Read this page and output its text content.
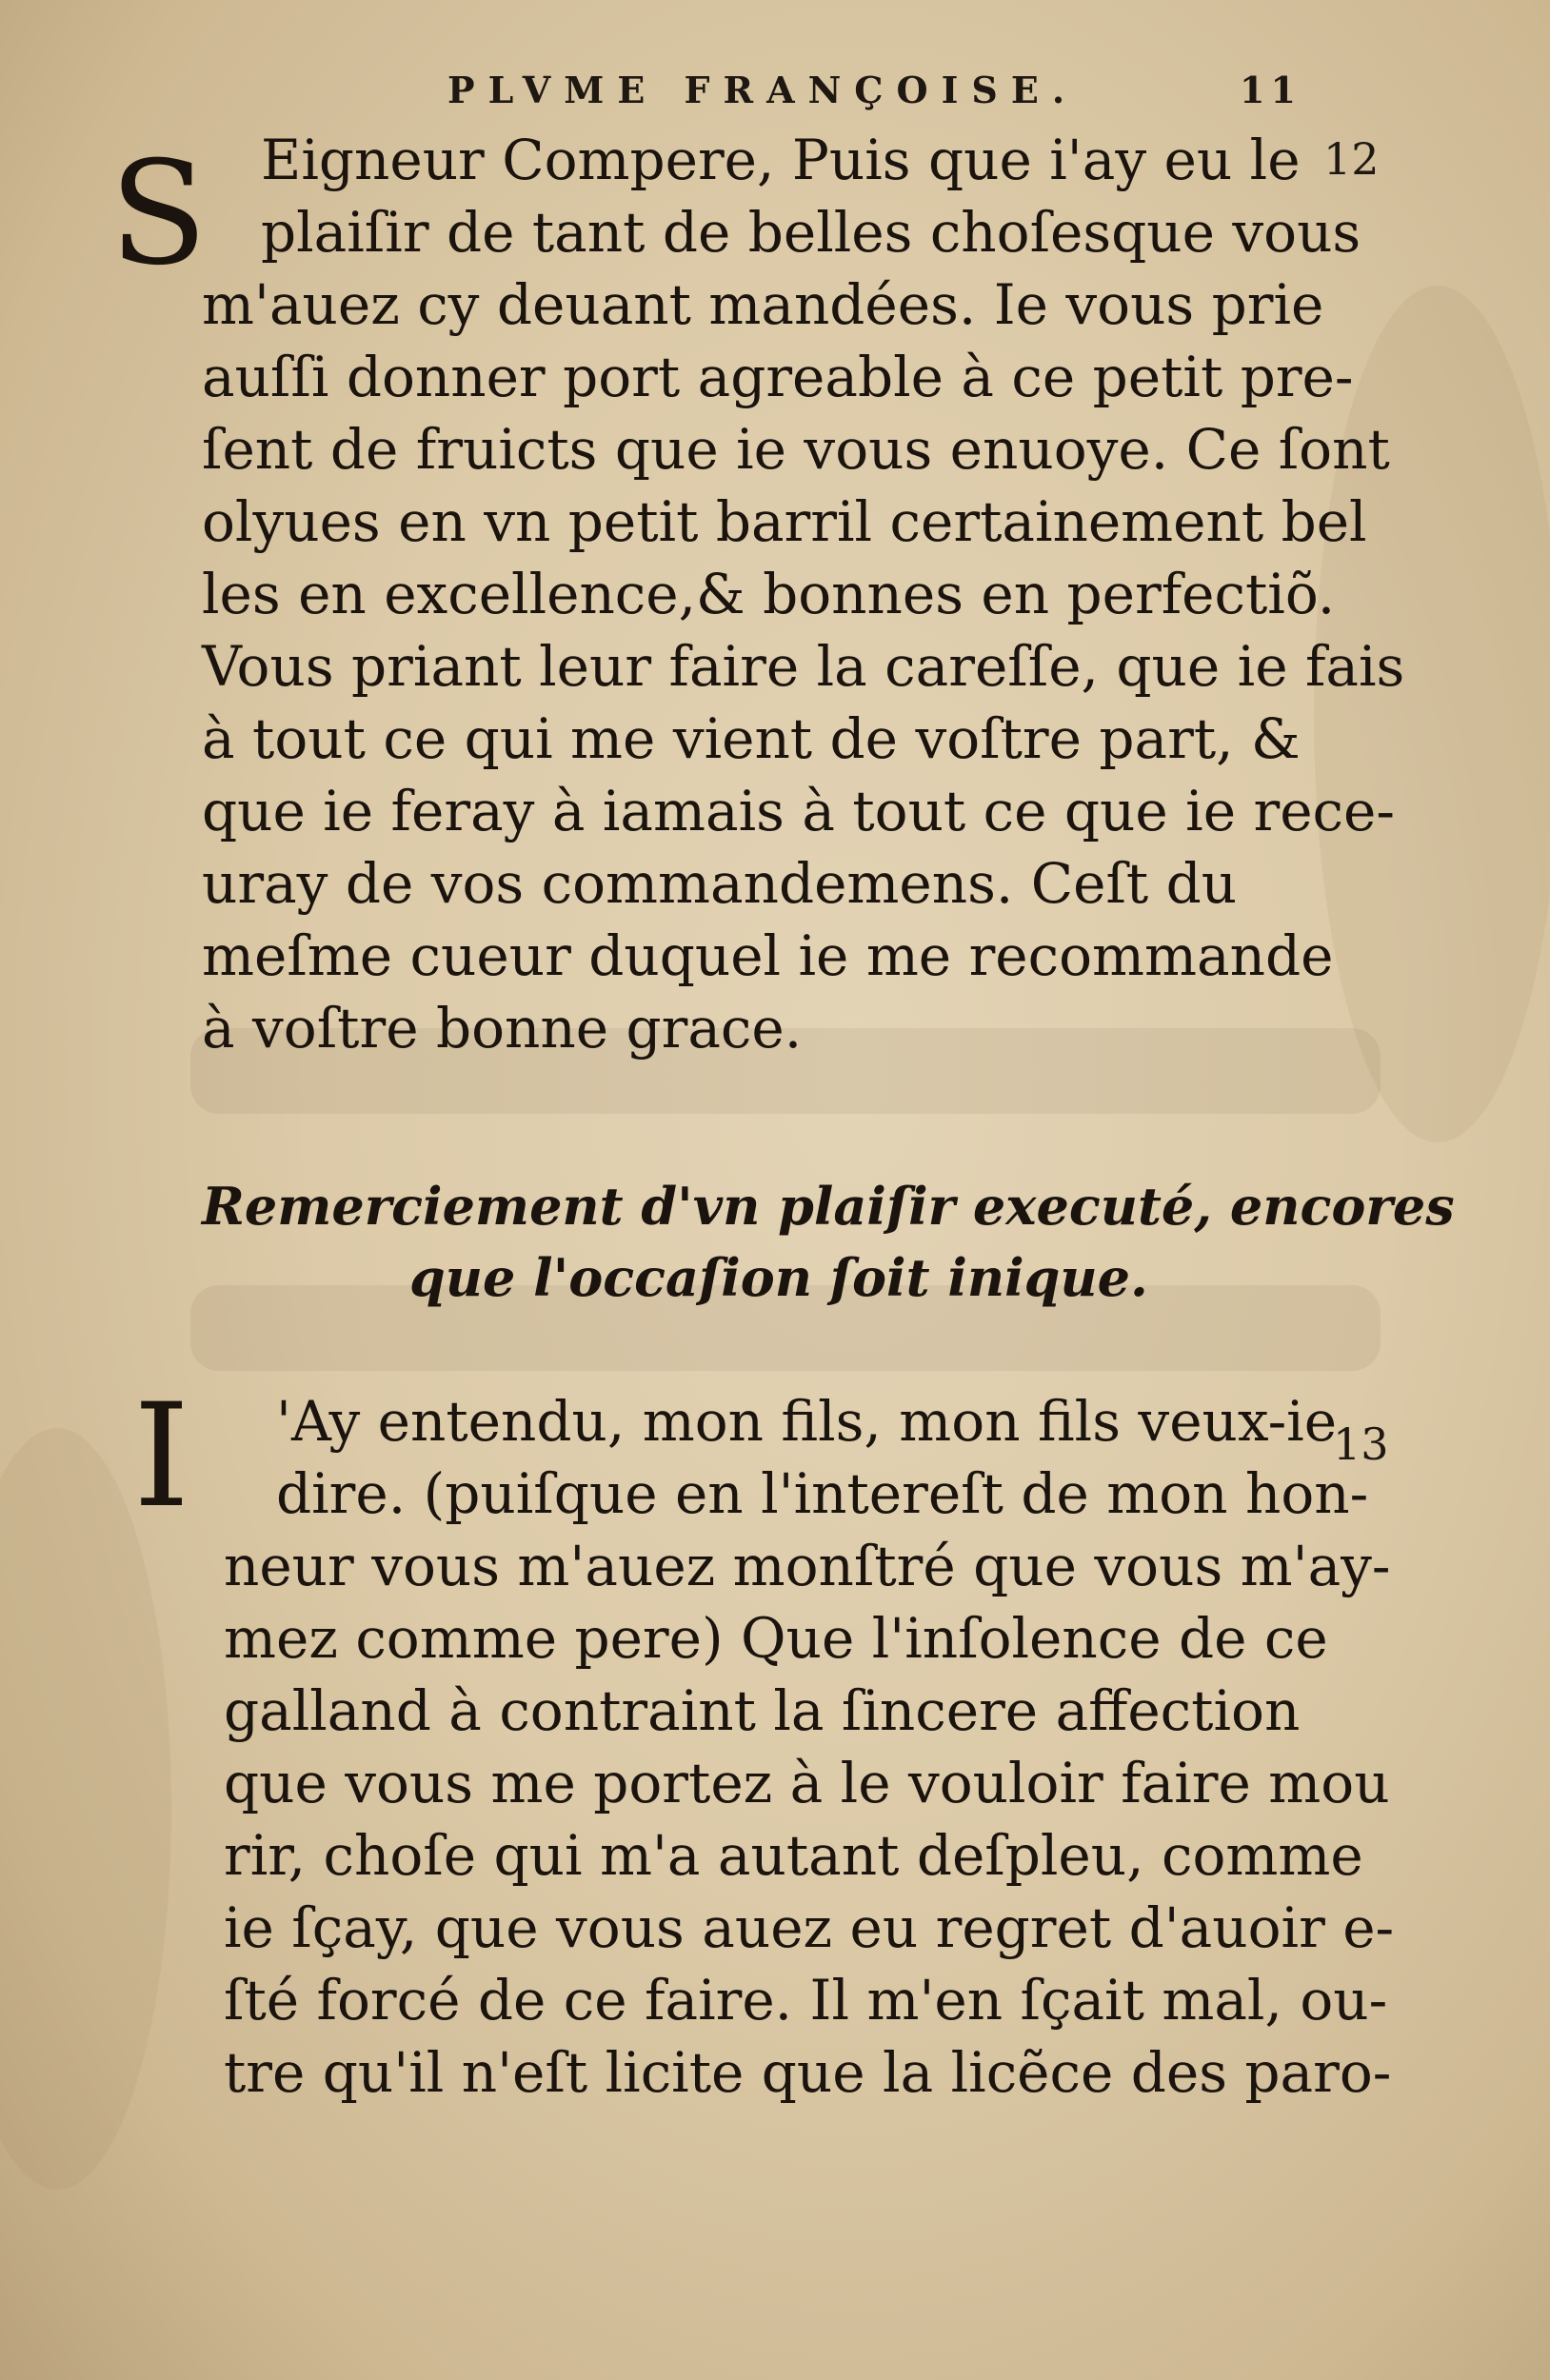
PLVME FRANÇOISE.	11
12
13
S Eigneur Compere, Puis que i'ay eu le
plaiſir de tant de belles choſesque vous
m'auez cy deuant mandées. Ie vous prie
auſſi donner port agreable à ce petit pre-
ſent de fruicts que ie vous enuoye. Ce ſont
olyues en vn petit barril certainement bel
les en excellence,& bonnes en perfectiõ.
Vous priant leur faire la careſſe, que ie fais
à tout ce qui me vient de voſtre part, &
que ie feray à iamais à tout ce que ie rece-
uray de vos commandemens. Ceſt du
meſme cueur duquel ie me recommande
à voſtre bonne grace.
Remerciement d'vn plaiſir executé, encores
que l'occaſion ſoit inique.
I 'Ay entendu, mon fils, mon fils veux-ie
dire. (puiſque en l'intereſt de mon hon-
neur vous m'auez monſtré que vous m'ay-
mez comme pere) Que l'inſolence de ce
galland à contraint la ſincere affection
que vous me portez à le vouloir faire mou
rir, choſe qui m'a autant deſpleu, comme
ie ſçay, que vous auez eu regret d'auoir e-
ſté forcé de ce faire. Il m'en ſçait mal, ou-
tre qu'il n'eſt licite que la licẽce des paro-
